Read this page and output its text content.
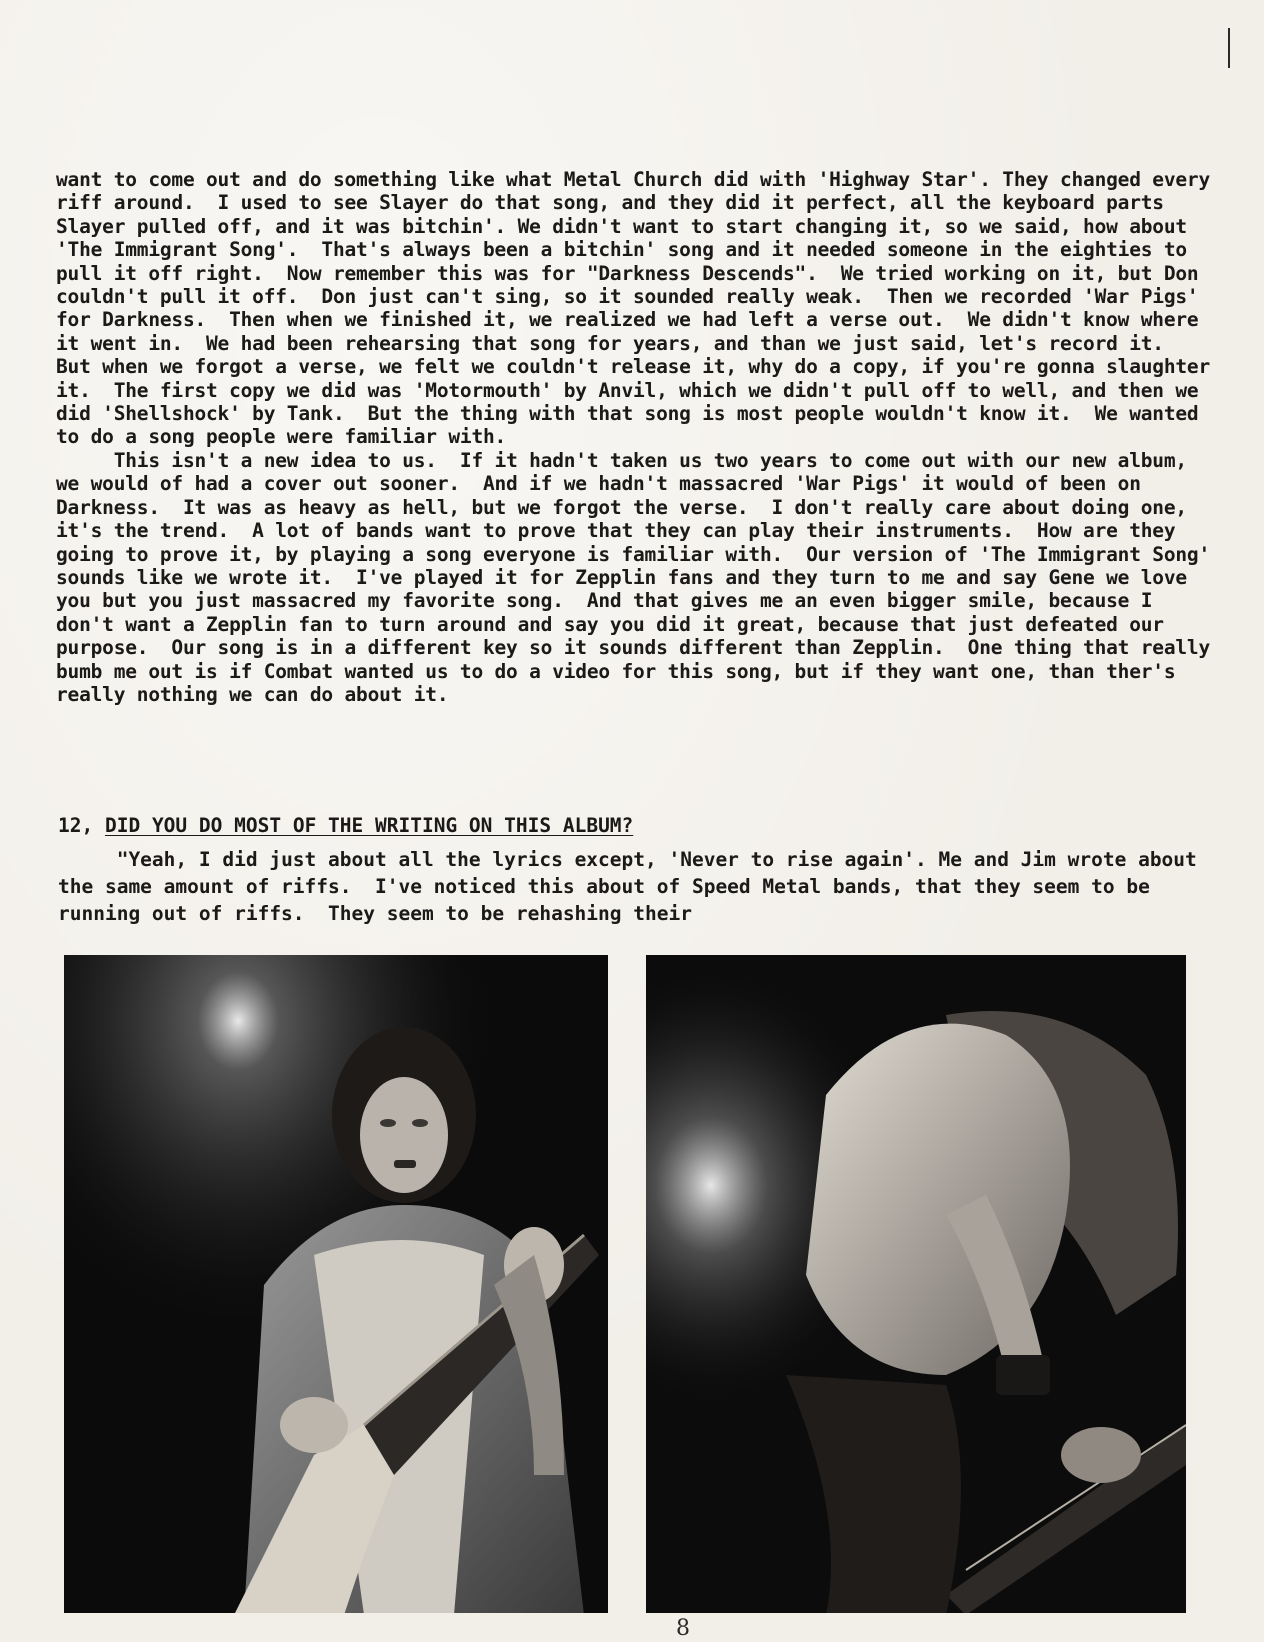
want to come out and do something like what Metal Church did with 'Highway Star'. They changed every riff around.  I used to see Slayer do that song, and they did it perfect, all the keyboard parts Slayer pulled off, and it was bitchin'. We didn't want to start changing it, so we said, how about 'The Immigrant Song'.  That's always been a bitchin' song and it needed someone in the eighties to pull it off right.  Now remember this was for "Darkness Descends".  We tried working on it, but Don couldn't pull it off.  Don just can't sing, so it sounded really weak.  Then we recorded 'War Pigs' for Darkness.  Then when we finished it, we realized we had left a verse out.  We didn't know where it went in.  We had been rehearsing that song for years, and than we just said, let's record it.  But when we forgot a verse, we felt we couldn't release it, why do a copy, if you're gonna slaughter it.  The first copy we did was 'Motormouth' by Anvil, which we didn't pull off to well, and then we did 'Shellshock' by Tank.  But the thing with that song is most people wouldn't know it.  We wanted to do a song people were familiar with.

This isn't a new idea to us.  If it hadn't taken us two years to come out with our new album, we would of had a cover out sooner.  And if we hadn't massacred 'War Pigs' it would of been on Darkness.  It was as heavy as hell, but we forgot the verse.  I don't really care about doing one, it's the trend.  A lot of bands want to prove that they can play their instruments.  How are they going to prove it, by playing a song everyone is familiar with.  Our version of 'The Immigrant Song' sounds like we wrote it.  I've played it for Zepplin fans and they turn to me and say Gene we love you but you just massacred my favorite song.  And that gives me an even bigger smile, because I don't want a Zepplin fan to turn around and say you did it great, because that just defeated our purpose.  Our song is in a different key so it sounds different than Zepplin.  One thing that really bumb me out is if Combat wanted us to do a video for this song, but if they want one, than ther's really nothing we can do about it.

12, DID YOU DO MOST OF THE WRITING ON THIS ALBUM?

"Yeah, I did just about all the lyrics except, 'Never to rise again'. Me and Jim wrote about the same amount of riffs.  I've noticed this about of Speed Metal bands, that they seem to be running out of riffs.  They seem to be rehashing their

8
